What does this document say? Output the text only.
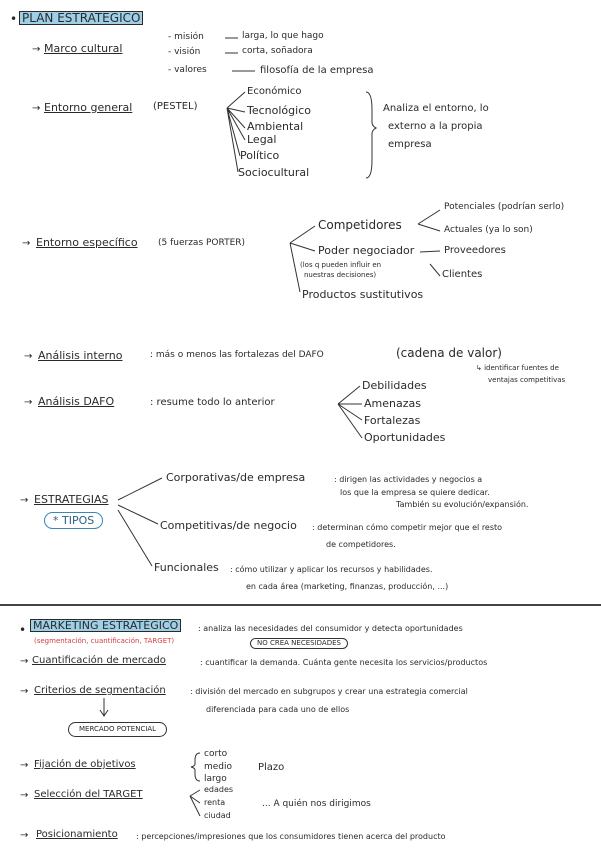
• PLAN ESTRATEGICO
→ Marco cultural
- misión	larga, lo que hago
- visión	corta, soñadora
- valores	filosofía de la empresa
→ Entorno general (PESTEL)
Económico
Tecnológico
Ambiental
Legal
Político
Sociocultural
Analiza el entorno, lo
externo a la propia
empresa
→ Entorno específico (5 fuerzas PORTER)
Competidores
Potenciales (podrían serlo)
Actuales (ya lo son)
Poder negociador
(los q pueden influir en
nuestras decisiones)
Proveedores
Clientes
Productos sustitutivos
→ Análisis interno	: más o menos las fortalezas del DAFO	(cadena de valor)
↳ identificar fuentes de
ventajas competitivas
→ Análisis DAFO	: resume todo lo anterior
Debilidades
Amenazas
Fortalezas
Oportunidades
→ ESTRATEGIAS
* TIPOS
Corporativas/de empresa	: dirigen las actividades y negocios a
los que la empresa se quiere dedicar.
También su evolución/expansión.
Competitivas/de negocio : determinan cómo competir mejor que el resto
de competidores.
Funcionales : cómo utilizar y aplicar los recursos y habilidades.
en cada área (marketing, finanzas, producción, ...)
• MARKETING ESTRATÉGICO	: analiza las necesidades del consumidor y detecta oportunidades
NO CREA NECESIDADES
(segmentación, cuantificación, TARGET)
→ Cuantificación de mercado	: cuantificar la demanda. Cuánta gente necesita los servicios/productos
→ Criterios de segmentación	: división del mercado en subgrupos y crear una estrategia comercial
diferenciada para cada uno de ellos
MERCADO POTENCIAL
→ Fijación de objetivos
corto
medio
largo
Plazo
→ Selección del TARGET	edades
renta
ciudad
... A quién nos dirigimos
→ Posicionamiento : percepciones/impresiones que los consumidores tienen acerca del producto
